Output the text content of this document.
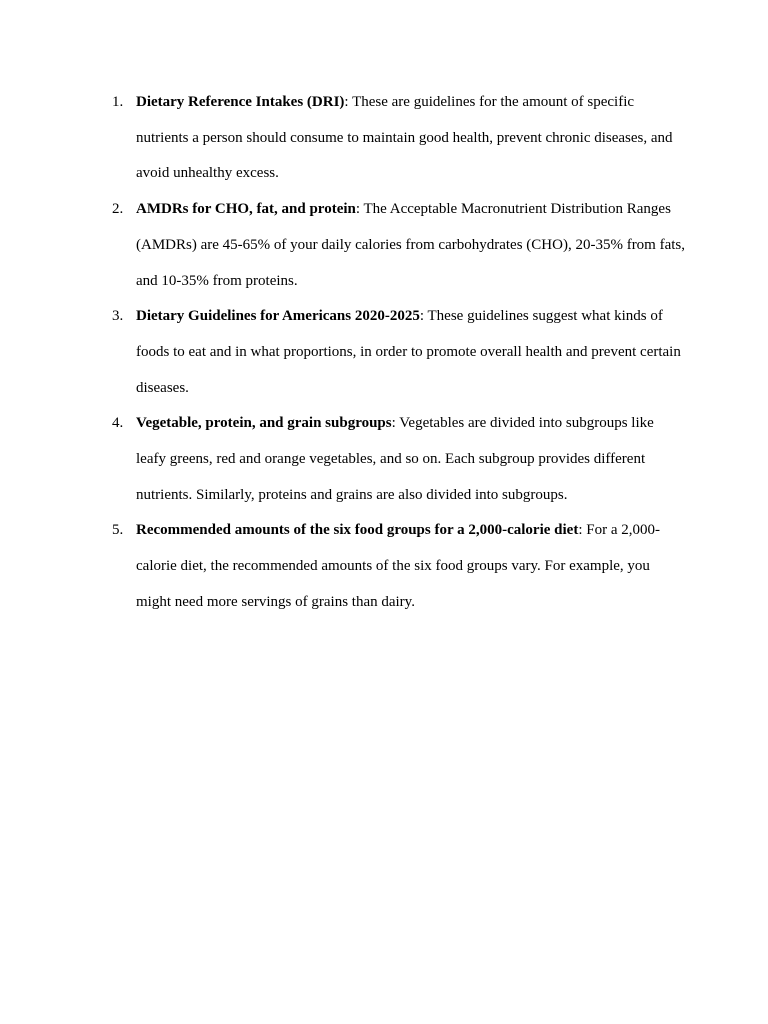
1. Dietary Reference Intakes (DRI): These are guidelines for the amount of specific nutrients a person should consume to maintain good health, prevent chronic diseases, and avoid unhealthy excess.
2. AMDRs for CHO, fat, and protein: The Acceptable Macronutrient Distribution Ranges (AMDRs) are 45-65% of your daily calories from carbohydrates (CHO), 20-35% from fats, and 10-35% from proteins.
3. Dietary Guidelines for Americans 2020-2025: These guidelines suggest what kinds of foods to eat and in what proportions, in order to promote overall health and prevent certain diseases.
4. Vegetable, protein, and grain subgroups: Vegetables are divided into subgroups like leafy greens, red and orange vegetables, and so on. Each subgroup provides different nutrients. Similarly, proteins and grains are also divided into subgroups.
5. Recommended amounts of the six food groups for a 2,000-calorie diet: For a 2,000-calorie diet, the recommended amounts of the six food groups vary. For example, you might need more servings of grains than dairy.
